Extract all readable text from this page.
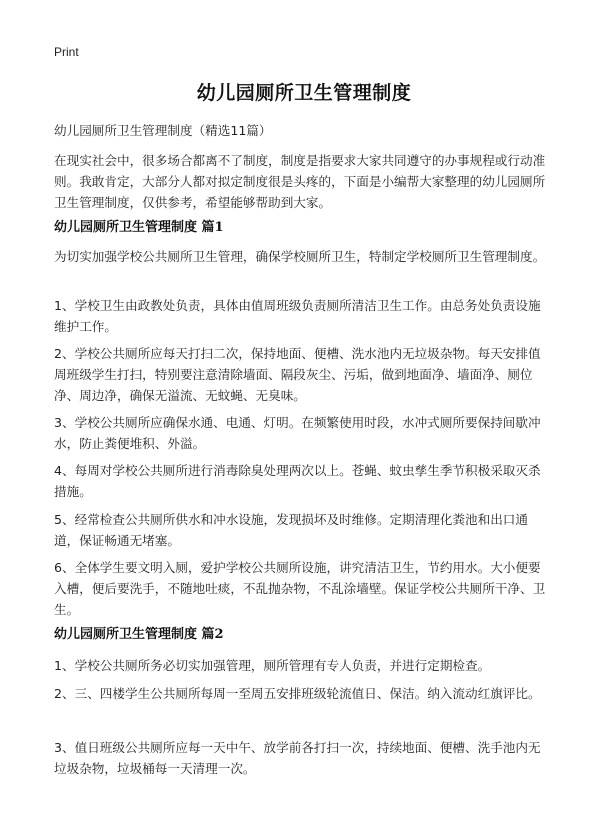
Print
幼儿园厕所卫生管理制度

幼儿园厕所卫生管理制度（精选11篇）

在现实社会中，很多场合都离不了制度，制度是指要求大家共同遵守的办事规程或行动准则。我敢肯定，大部分人都对拟定制度很是头疼的，下面是小编帮大家整理的幼儿园厕所卫生管理制度，仅供参考，希望能够帮助到大家。

幼儿园厕所卫生管理制度 篇1

为切实加强学校公共厕所卫生管理，确保学校厕所卫生，特制定学校厕所卫生管理制度。

1、学校卫生由政教处负责，具体由值周班级负责厕所清洁卫生工作。由总务处负责设施维护工作。

2、学校公共厕所应每天打扫二次，保持地面、便槽、洗水池内无垃圾杂物。每天安排值周班级学生打扫，特别要注意清除墙面、隔段灰尘、污垢，做到地面净、墙面净、厕位净、周边净，确保无溢流、无蚊蝇、无臭味。

3、学校公共厕所应确保水通、电通、灯明。在频繁使用时段，水冲式厕所要保持间歇冲水，防止粪便堆积、外溢。

4、每周对学校公共厕所进行消毒除臭处理两次以上。苍蝇、蚊虫孳生季节积极采取灭杀措施。

5、经常检查公共厕所供水和冲水设施，发现损坏及时维修。定期清理化粪池和出口通道，保证畅通无堵塞。

6、全体学生要文明入厕，爱护学校公共厕所设施，讲究清洁卫生，节约用水。大小便要入槽，便后要洗手，不随地吐痰，不乱抛杂物，不乱涂墙壁。保证学校公共厕所干净、卫生。

幼儿园厕所卫生管理制度 篇2

1、学校公共厕所务必切实加强管理，厕所管理有专人负责，并进行定期检查。

2、三、四楼学生公共厕所每周一至周五安排班级轮流值日、保洁。纳入流动红旗评比。

3、值日班级公共厕所应每一天中午、放学前各打扫一次，持续地面、便槽、洗手池内无垃圾杂物，垃圾桶每一天清理一次。
